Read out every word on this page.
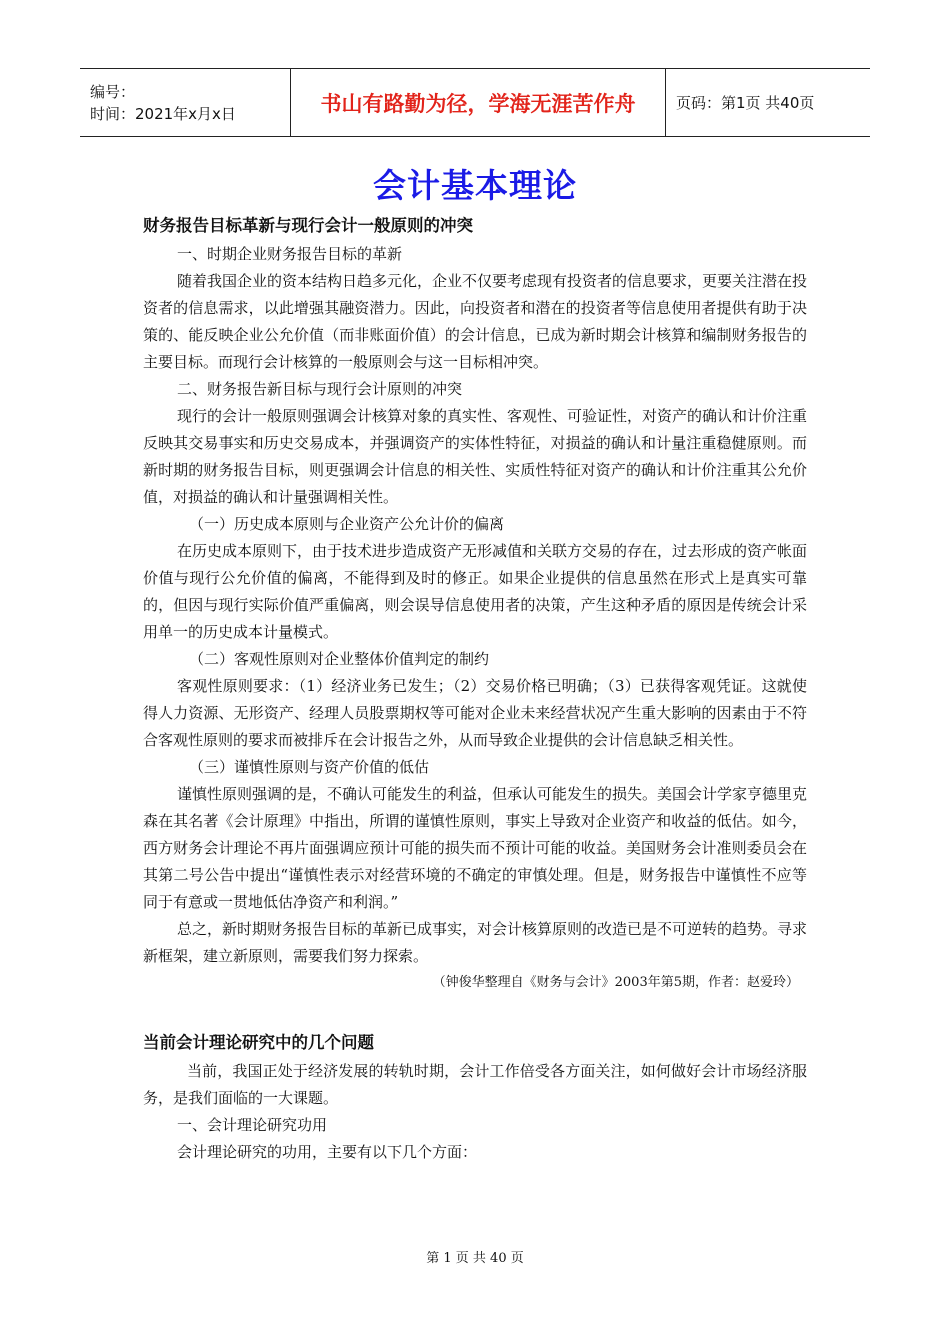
编号：
时间：2021年x月x日	书山有路勤为径，学海无涯苦作舟	页码：第1页 共40页
会计基本理论

财务报告目标革新与现行会计一般原则的冲突

一、时期企业财务报告目标的革新

随着我国企业的资本结构日趋多元化，企业不仅要考虑现有投资者的信息要求，更要关注潜在投资者的信息需求，以此增强其融资潜力。因此，向投资者和潜在的投资者等信息使用者提供有助于决策的、能反映企业公允价值（而非账面价值）的会计信息，已成为新时期会计核算和编制财务报告的主要目标。而现行会计核算的一般原则会与这一目标相冲突。

二、财务报告新目标与现行会计原则的冲突

现行的会计一般原则强调会计核算对象的真实性、客观性、可验证性，对资产的确认和计价注重反映其交易事实和历史交易成本，并强调资产的实体性特征，对损益的确认和计量注重稳健原则。而新时期的财务报告目标，则更强调会计信息的相关性、实质性特征对资产的确认和计价注重其公允价值，对损益的确认和计量强调相关性。

（一）历史成本原则与企业资产公允计价的偏离

在历史成本原则下，由于技术进步造成资产无形减值和关联方交易的存在，过去形成的资产帐面价值与现行公允价值的偏离，不能得到及时的修正。如果企业提供的信息虽然在形式上是真实可靠的，但因与现行实际价值严重偏离，则会误导信息使用者的决策，产生这种矛盾的原因是传统会计采用单一的历史成本计量模式。

（二）客观性原则对企业整体价值判定的制约

客观性原则要求：（1）经济业务已发生；（2）交易价格已明确；（3）已获得客观凭证。这就使得人力资源、无形资产、经理人员股票期权等可能对企业未来经营状况产生重大影响的因素由于不符合客观性原则的要求而被排斥在会计报告之外，从而导致企业提供的会计信息缺乏相关性。

（三）谨慎性原则与资产价值的低估

谨慎性原则强调的是，不确认可能发生的利益，但承认可能发生的损失。美国会计学家亨德里克森在其名著《会计原理》中指出，所谓的谨慎性原则，事实上导致对企业资产和收益的低估。如今，西方财务会计理论不再片面强调应预计可能的损失而不预计可能的收益。美国财务会计准则委员会在其第二号公告中提出“谨慎性表示对经营环境的不确定的审慎处理。但是，财务报告中谨慎性不应等同于有意或一贯地低估净资产和利润。”

总之，新时期财务报告目标的革新已成事实，对会计核算原则的改造已是不可逆转的趋势。寻求新框架，建立新原则，需要我们努力探索。

（钟俊华整理自《财务与会计》2003年第5期，作者：赵爱玲）

当前会计理论研究中的几个问题

当前，我国正处于经济发展的转轨时期，会计工作倍受各方面关注，如何做好会计市场经济服务，是我们面临的一大课题。

一、会计理论研究功用

会计理论研究的功用，主要有以下几个方面：

第 1 页 共 40 页
